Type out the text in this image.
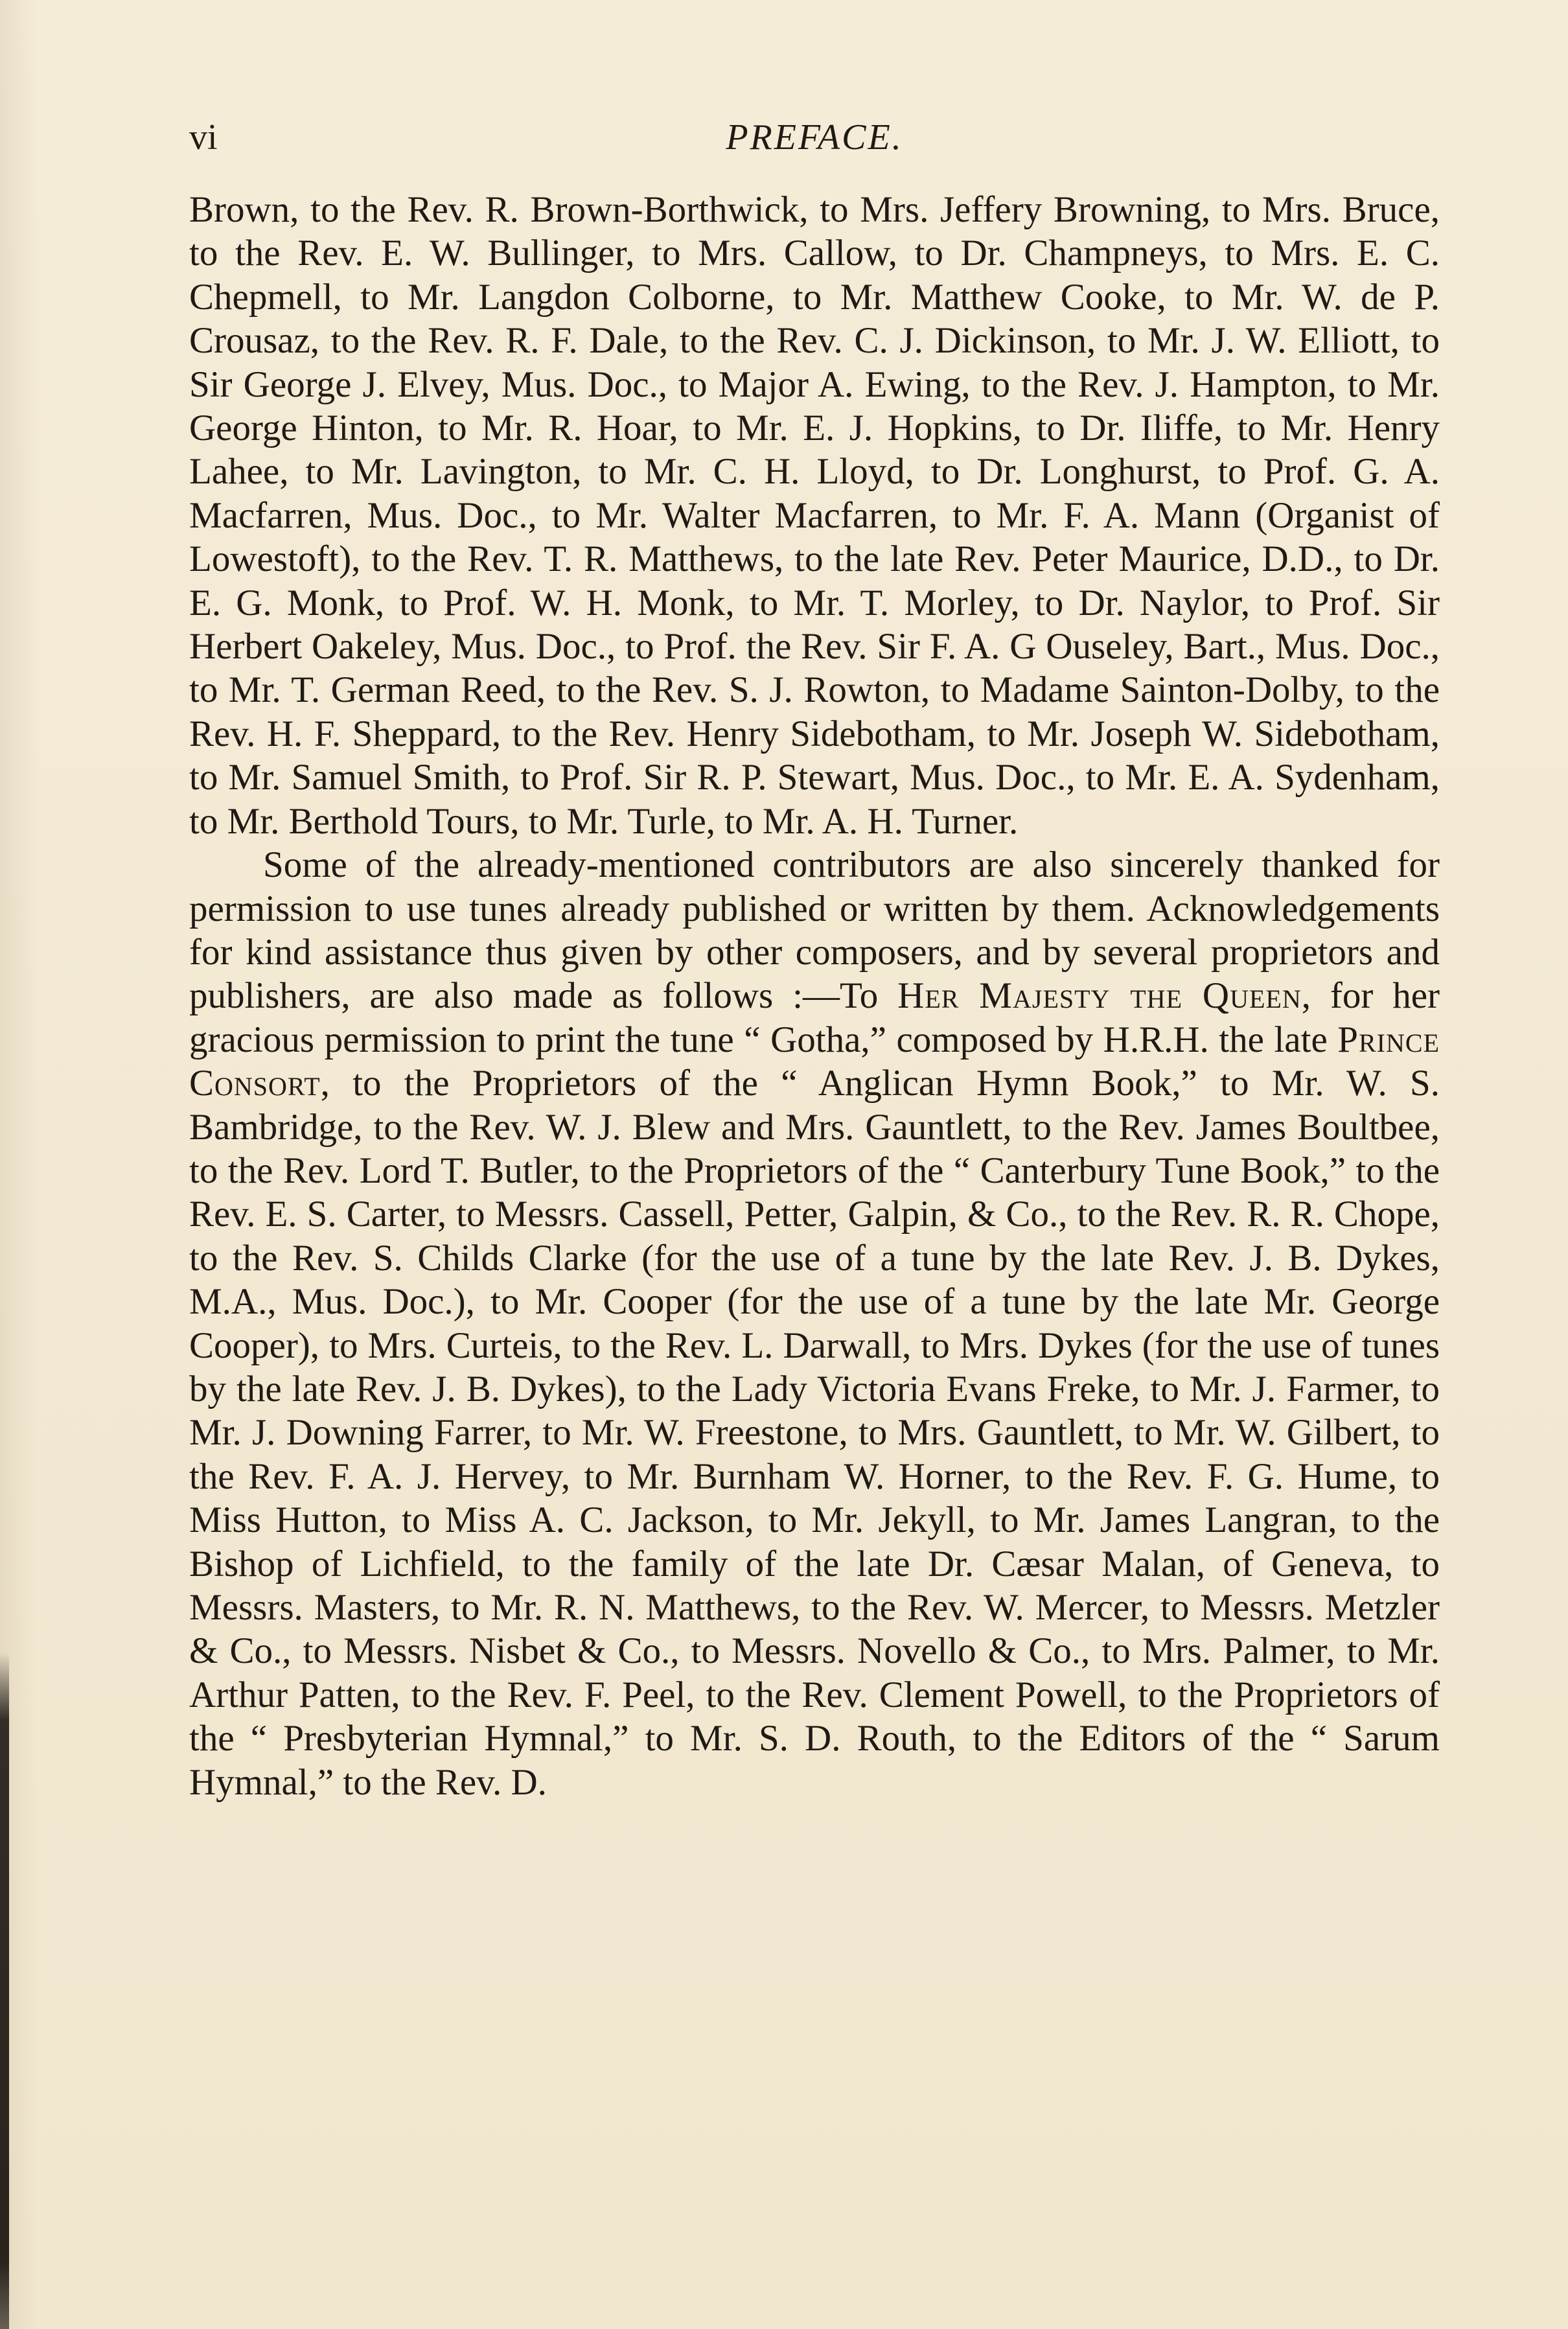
vi	PREFACE.

Brown, to the Rev. R. Brown-Borthwick, to Mrs. Jeffery Browning, to Mrs. Bruce, to the Rev. E. W. Bullinger, to Mrs. Callow, to Dr. Champneys, to Mrs. E. C. Chepmell, to Mr. Langdon Colborne, to Mr. Matthew Cooke, to Mr. W. de P. Crousaz, to the Rev. R. F. Dale, to the Rev. C. J. Dickinson, to Mr. J. W. Elliott, to Sir George J. Elvey, Mus. Doc., to Major A. Ewing, to the Rev. J. Hampton, to Mr. George Hinton, to Mr. R. Hoar, to Mr. E. J. Hopkins, to Dr. Iliffe, to Mr. Henry Lahee, to Mr. Lavington, to Mr. C. H. Lloyd, to Dr. Longhurst, to Prof. G. A. Macfarren, Mus. Doc., to Mr. Walter Macfarren, to Mr. F. A. Mann (Organist of Lowestoft), to the Rev. T. R. Matthews, to the late Rev. Peter Maurice, D.D., to Dr. E. G. Monk, to Prof. W. H. Monk, to Mr. T. Morley, to Dr. Naylor, to Prof. Sir Herbert Oakeley, Mus. Doc., to Prof. the Rev. Sir F. A. G Ouseley, Bart., Mus. Doc., to Mr. T. German Reed, to the Rev. S. J. Rowton, to Madame Sainton-Dolby, to the Rev. H. F. Sheppard, to the Rev. Henry Sidebotham, to Mr. Joseph W. Sidebotham, to Mr. Samuel Smith, to Prof. Sir R. P. Stewart, Mus. Doc., to Mr. E. A. Sydenham, to Mr. Berthold Tours, to Mr. Turle, to Mr. A. H. Turner.

Some of the already-mentioned contributors are also sincerely thanked for permission to use tunes already published or written by them. Acknowledgements for kind assistance thus given by other composers, and by several proprietors and publishers, are also made as follows :—To Her Majesty the Queen, for her gracious permission to print the tune “ Gotha,” composed by H.R.H. the late Prince Consort, to the Proprietors of the “ Anglican Hymn Book,” to Mr. W. S. Bambridge, to the Rev. W. J. Blew and Mrs. Gauntlett, to the Rev. James Boultbee, to the Rev. Lord T. Butler, to the Proprietors of the “ Canterbury Tune Book,” to the Rev. E. S. Carter, to Messrs. Cassell, Petter, Galpin, & Co., to the Rev. R. R. Chope, to the Rev. S. Childs Clarke (for the use of a tune by the late Rev. J. B. Dykes, M.A., Mus. Doc.), to Mr. Cooper (for the use of a tune by the late Mr. George Cooper), to Mrs. Curteis, to the Rev. L. Darwall, to Mrs. Dykes (for the use of tunes by the late Rev. J. B. Dykes), to the Lady Victoria Evans Freke, to Mr. J. Farmer, to Mr. J. Downing Farrer, to Mr. W. Freestone, to Mrs. Gauntlett, to Mr. W. Gilbert, to the Rev. F. A. J. Hervey, to Mr. Burnham W. Horner, to the Rev. F. G. Hume, to Miss Hutton, to Miss A. C. Jackson, to Mr. Jekyll, to Mr. James Langran, to the Bishop of Lichfield, to the family of the late Dr. Cæsar Malan, of Geneva, to Messrs. Masters, to Mr. R. N. Matthews, to the Rev. W. Mercer, to Messrs. Metzler & Co., to Messrs. Nisbet & Co., to Messrs. Novello & Co., to Mrs. Palmer, to Mr. Arthur Patten, to the Rev. F. Peel, to the Rev. Clement Powell, to the Proprietors of the “ Presbyterian Hymnal,” to Mr. S. D. Routh, to the Editors of the “ Sarum Hymnal,” to the Rev. D.
